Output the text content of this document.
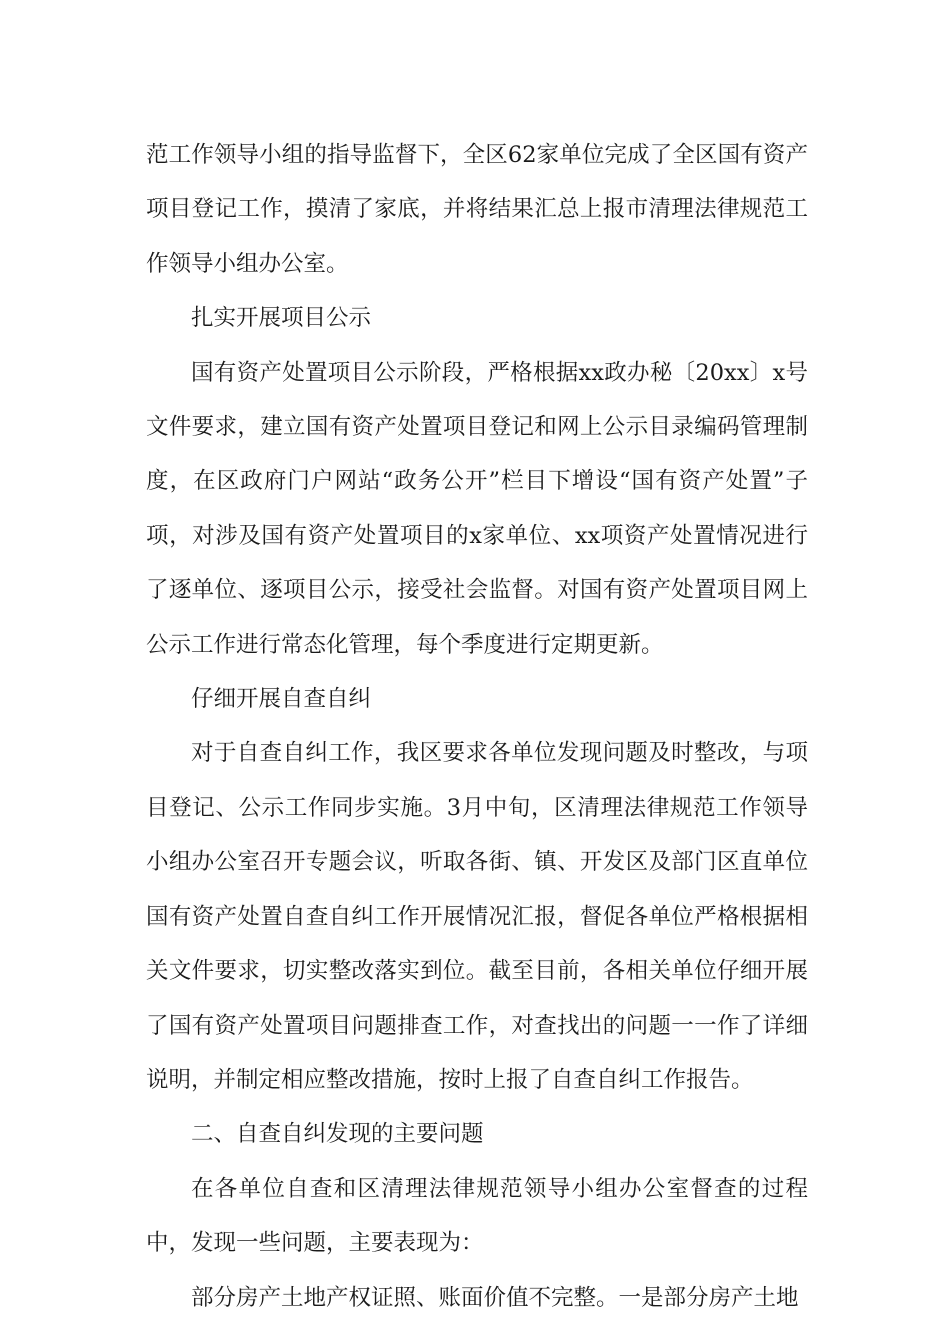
范工作领导小组的指导监督下，全区62家单位完成了全区国有资产项目登记工作，摸清了家底，并将结果汇总上报市清理法律规范工作领导小组办公室。

扎实开展项目公示

国有资产处置项目公示阶段，严格根据xx政办秘〔20xx〕x号文件要求，建立国有资产处置项目登记和网上公示目录编码管理制度，在区政府门户网站“政务公开”栏目下增设“国有资产处置”子项，对涉及国有资产处置项目的x家单位、xx项资产处置情况进行了逐单位、逐项目公示，接受社会监督。对国有资产处置项目网上公示工作进行常态化管理，每个季度进行定期更新。

仔细开展自查自纠

对于自查自纠工作，我区要求各单位发现问题及时整改，与项目登记、公示工作同步实施。3月中旬，区清理法律规范工作领导小组办公室召开专题会议，听取各街、镇、开发区及部门区直单位国有资产处置自查自纠工作开展情况汇报，督促各单位严格根据相关文件要求，切实整改落实到位。截至目前，各相关单位仔细开展了国有资产处置项目问题排查工作，对查找出的问题一一作了详细说明，并制定相应整改措施，按时上报了自查自纠工作报告。

二、自查自纠发现的主要问题

在各单位自查和区清理法律规范领导小组办公室督查的过程中，发现一些问题，主要表现为：

部分房产土地产权证照、账面价值不完整。一是部分房产土地
